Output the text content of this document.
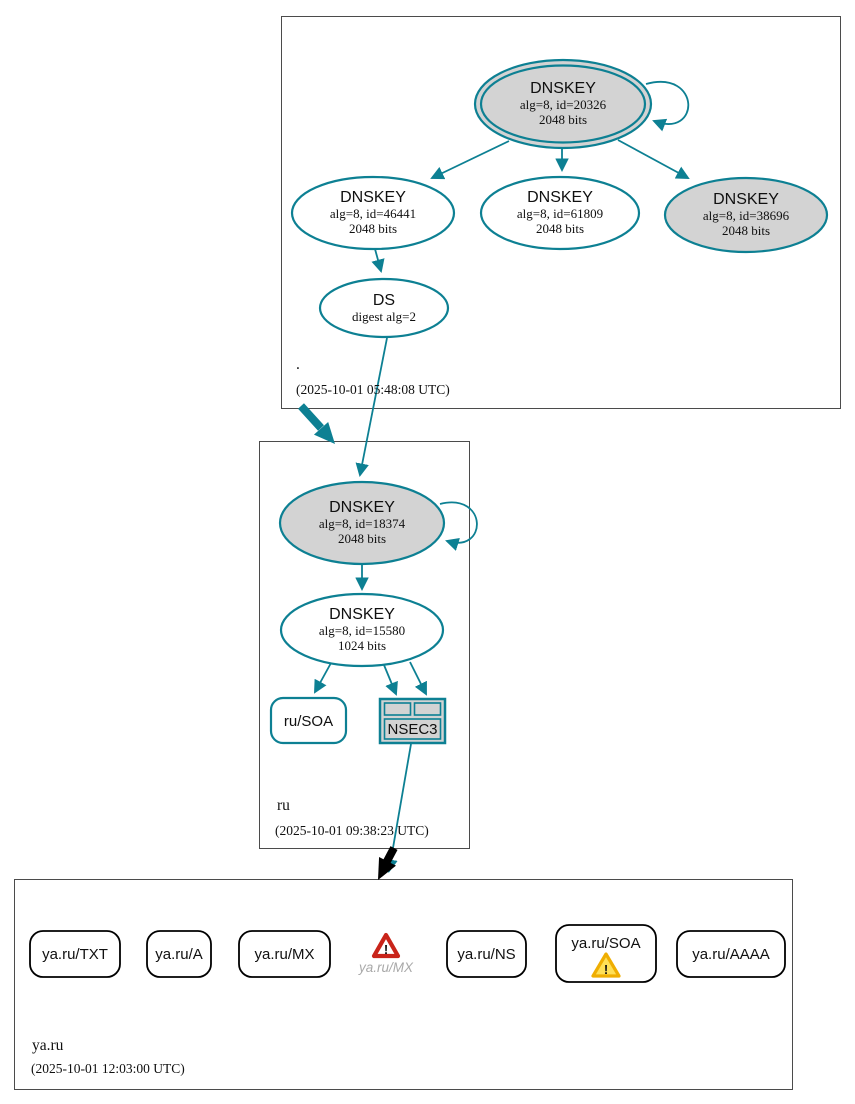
DNSKEY
alg=8, id=20326
2048 bits
DNSKEY
alg=8, id=46441
2048 bits
DNSKEY
alg=8, id=61809
2048 bits
DNSKEY
alg=8, id=38696
2048 bits
DS
digest alg=2
.
(2025-10-01 05:48:08 UTC)
DNSKEY
alg=8, id=18374
2048 bits
DNSKEY
alg=8, id=15580
1024 bits
ru/SOA	NSEC3
ru
(2025-10-01 09:38:23 UTC)
ya.ru/TXT	ya.ru/A	ya.ru/MX	!
ya.ru/MX
ya.ru/NS
ya.ru/SOA
!
ya.ru/AAAA
ya.ru
(2025-10-01 12:03:00 UTC)
